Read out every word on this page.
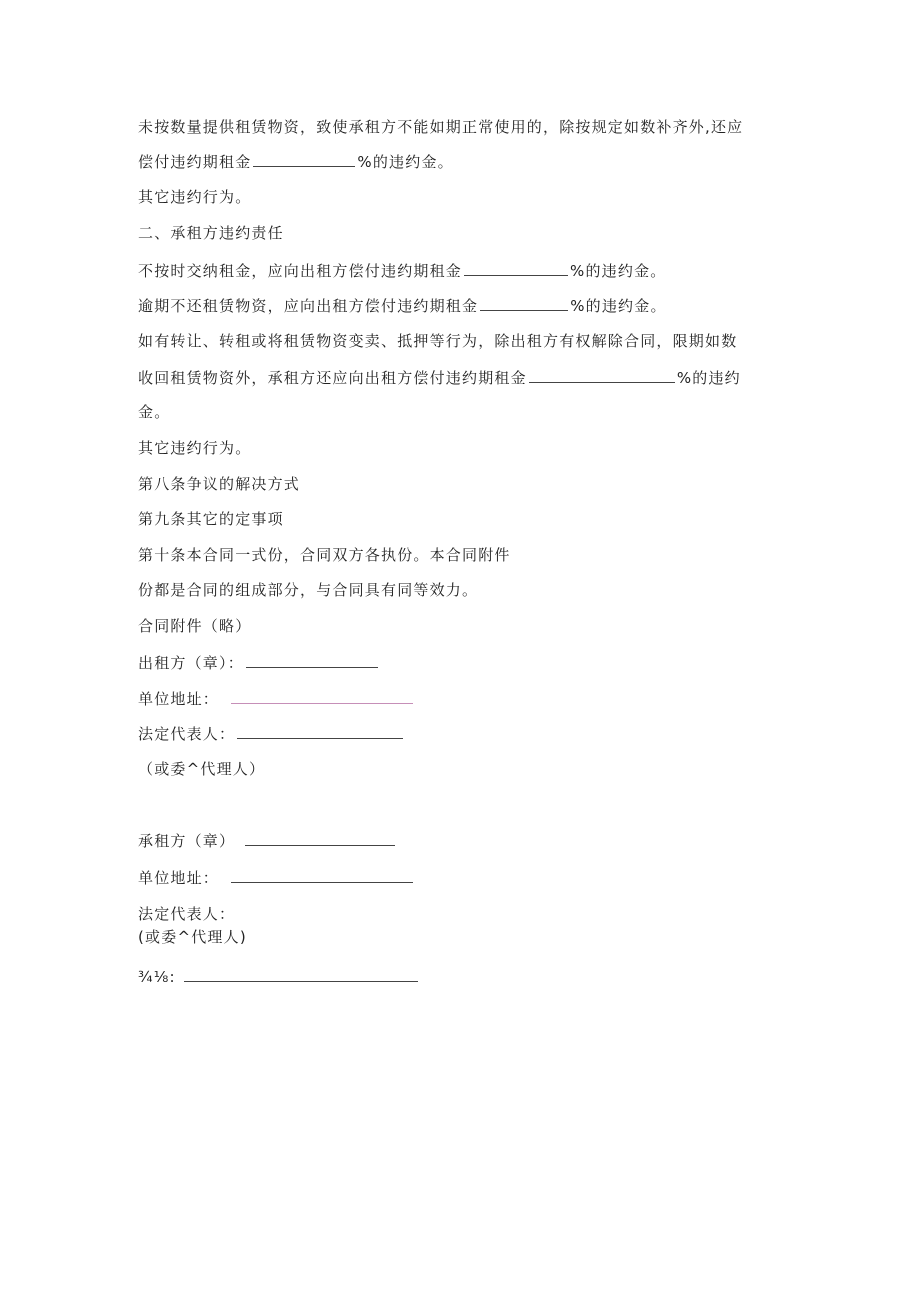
未按数量提供租赁物资，致使承租方不能如期正常使用的，除按规定如数补齐外,还应
偿付违约期租金	%的违约金。
其它违约行为。
二、承租方违约责任
不按时交纳租金，应向出租方偿付违约期租金	%的违约金。
逾期不还租赁物资，应向出租方偿付违约期租金	%的违约金。
如有转让、转租或将租赁物资变卖、抵押等行为，除出租方有权解除合同，限期如数
收回租赁物资外，承租方还应向出租方偿付违约期租金	%的违约
金。
其它违约行为。
第八条争议的解决方式
第九条其它的定事项
第十条本合同一式份，合同双方各执份。本合同附件
份都是合同的组成部分，与合同具有同等效力。
合同附件（略）
出租方（章）：
单位地址：
法定代表人：
（或委^代理人）
承租方（章）
单位地址：
法定代表人：
(或委^代理人)
¾⅛:
